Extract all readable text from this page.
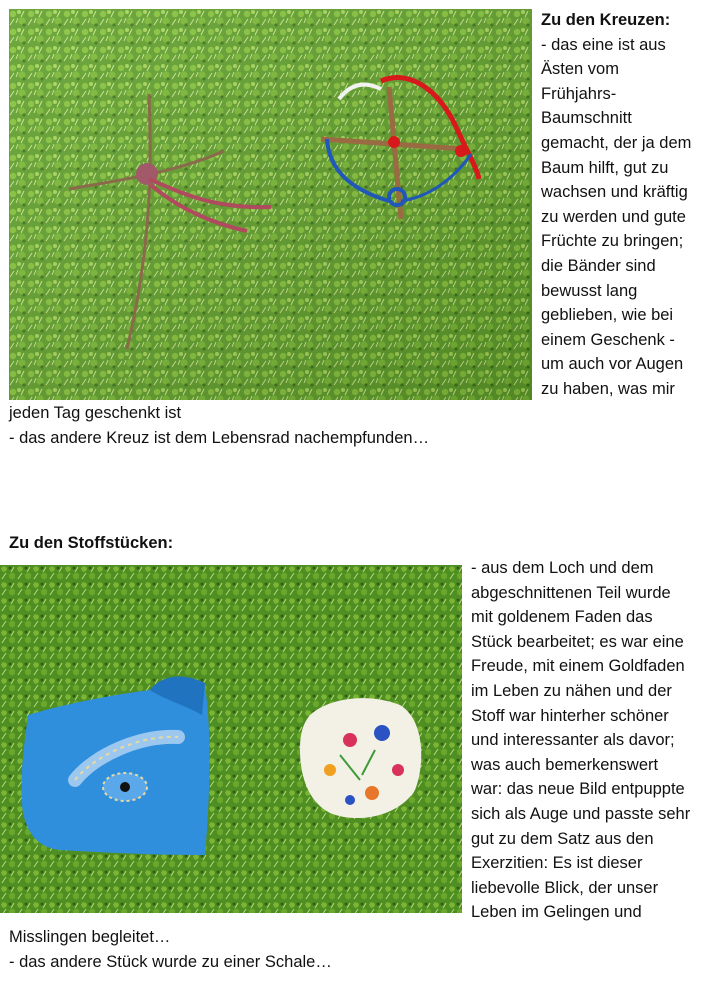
Zu den Kreuzen:
- das eine ist aus
Ästen vom
Frühjahrs-
Baumschnitt
gemacht, der ja dem
Baum hilft, gut zu
wachsen und kräftig
zu werden und gute
Früchte zu bringen;
die Bänder sind
bewusst lang
geblieben, wie bei
einem Geschenk -
um auch vor Augen
zu haben, was mir
jeden Tag geschenkt ist
- das andere Kreuz ist dem Lebensrad nachempfunden…
Zu den Stoffstücken:
- aus dem Loch und dem
abgeschnittenen Teil wurde
mit goldenem Faden das
Stück bearbeitet; es war eine
Freude, mit einem Goldfaden
im Leben zu nähen und der
Stoff war hinterher schöner
und interessanter als davor;
was auch bemerkenswert
war: das neue Bild entpuppte
sich als Auge und passte sehr
gut zu dem Satz aus den
Exerzitien: Es ist dieser
liebevolle Blick, der unser
Leben im Gelingen und
Misslingen begleitet…
- das andere Stück wurde zu einer Schale…
